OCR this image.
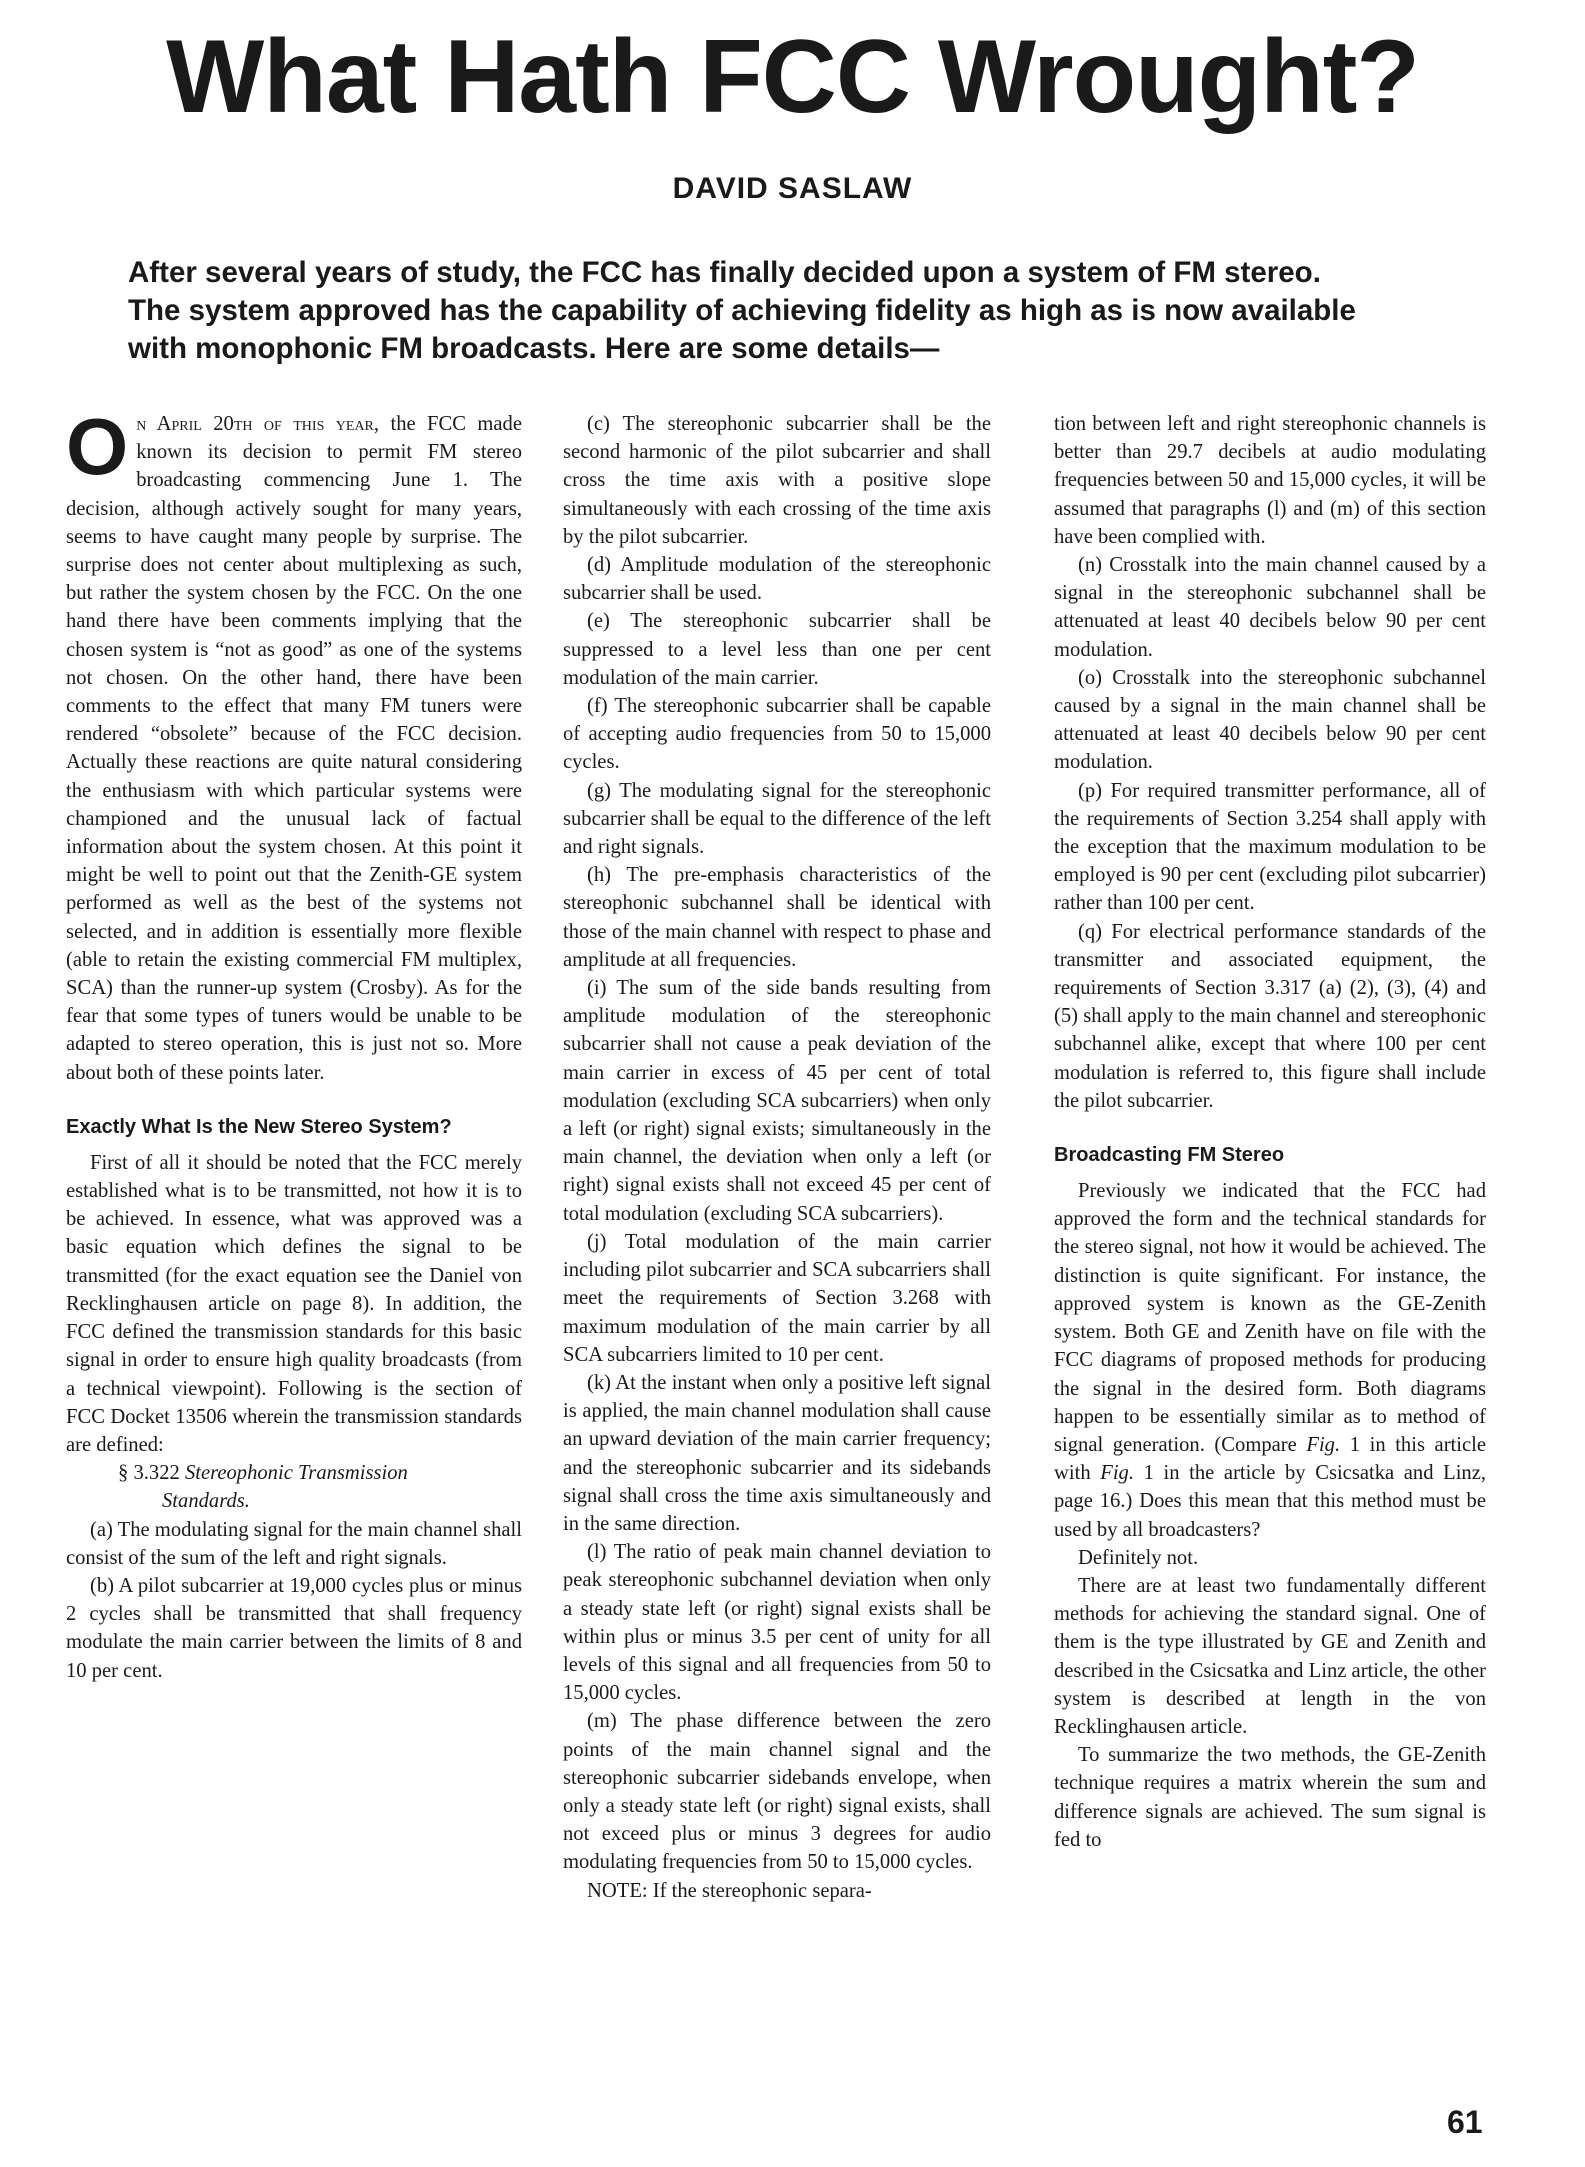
What Hath FCC Wrought?
DAVID SASLAW

After several years of study, the FCC has finally decided upon a system of FM stereo. The system approved has the capability of achieving fidelity as high as is now available with monophonic FM broadcasts. Here are some details—

On April 20th of this year, the FCC made known its decision to permit FM stereo broadcasting commencing June 1. The decision, although actively sought for many years, seems to have caught many people by surprise. The surprise does not center about multiplexing as such, but rather the system chosen by the FCC. On the one hand there have been comments implying that the chosen system is “not as good” as one of the systems not chosen. On the other hand, there have been comments to the effect that many FM tuners were rendered “obsolete” because of the FCC decision. Actually these reactions are quite natural considering the enthusiasm with which particular systems were championed and the unusual lack of factual information about the system chosen. At this point it might be well to point out that the Zenith-GE system performed as well as the best of the systems not selected, and in addition is essentially more flexible (able to retain the existing commercial FM multiplex, SCA) than the runner-up system (Crosby). As for the fear that some types of tuners would be unable to be adapted to stereo operation, this is just not so. More about both of these points later.

Exactly What Is the New Stereo System?

First of all it should be noted that the FCC merely established what is to be transmitted, not how it is to be achieved. In essence, what was approved was a basic equation which defines the signal to be transmitted (for the exact equation see the Daniel von Recklinghausen article on page 8). In addition, the FCC defined the transmission standards for this basic signal in order to ensure high quality broadcasts (from a technical viewpoint). Following is the section of FCC Docket 13506 wherein the transmission standards are defined:

§ 3.322 Stereophonic Transmission
Standards.

(a) The modulating signal for the main channel shall consist of the sum of the left and right signals.

(b) A pilot subcarrier at 19,000 cycles plus or minus 2 cycles shall be transmitted that shall frequency modulate the main carrier between the limits of 8 and 10 per cent.

(c) The stereophonic subcarrier shall be the second harmonic of the pilot subcarrier and shall cross the time axis with a positive slope simultaneously with each crossing of the time axis by the pilot subcarrier.

(d) Amplitude modulation of the stereophonic subcarrier shall be used.

(e) The stereophonic subcarrier shall be suppressed to a level less than one per cent modulation of the main carrier.

(f) The stereophonic subcarrier shall be capable of accepting audio frequencies from 50 to 15,000 cycles.

(g) The modulating signal for the stereophonic subcarrier shall be equal to the difference of the left and right signals.

(h) The pre-emphasis characteristics of the stereophonic subchannel shall be identical with those of the main channel with respect to phase and amplitude at all frequencies.

(i) The sum of the side bands resulting from amplitude modulation of the stereophonic subcarrier shall not cause a peak deviation of the main carrier in excess of 45 per cent of total modulation (excluding SCA subcarriers) when only a left (or right) signal exists; simultaneously in the main channel, the deviation when only a left (or right) signal exists shall not exceed 45 per cent of total modulation (excluding SCA subcarriers).

(j) Total modulation of the main carrier including pilot subcarrier and SCA subcarriers shall meet the requirements of Section 3.268 with maximum modulation of the main carrier by all SCA subcarriers limited to 10 per cent.

(k) At the instant when only a positive left signal is applied, the main channel modulation shall cause an upward deviation of the main carrier frequency; and the stereophonic subcarrier and its sidebands signal shall cross the time axis simultaneously and in the same direction.

(l) The ratio of peak main channel deviation to peak stereophonic subchannel deviation when only a steady state left (or right) signal exists shall be within plus or minus 3.5 per cent of unity for all levels of this signal and all frequencies from 50 to 15,000 cycles.

(m) The phase difference between the zero points of the main channel signal and the stereophonic subcarrier sidebands envelope, when only a steady state left (or right) signal exists, shall not exceed plus or minus 3 degrees for audio modulating frequencies from 50 to 15,000 cycles.

NOTE: If the stereophonic separa-

tion between left and right stereophonic channels is better than 29.7 decibels at audio modulating frequencies between 50 and 15,000 cycles, it will be assumed that paragraphs (l) and (m) of this section have been complied with.

(n) Crosstalk into the main channel caused by a signal in the stereophonic subchannel shall be attenuated at least 40 decibels below 90 per cent modulation.

(o) Crosstalk into the stereophonic subchannel caused by a signal in the main channel shall be attenuated at least 40 decibels below 90 per cent modulation.

(p) For required transmitter performance, all of the requirements of Section 3.254 shall apply with the exception that the maximum modulation to be employed is 90 per cent (excluding pilot subcarrier) rather than 100 per cent.

(q) For electrical performance standards of the transmitter and associated equipment, the requirements of Section 3.317 (a) (2), (3), (4) and (5) shall apply to the main channel and stereophonic subchannel alike, except that where 100 per cent modulation is referred to, this figure shall include the pilot subcarrier.

Broadcasting FM Stereo

Previously we indicated that the FCC had approved the form and the technical standards for the stereo signal, not how it would be achieved. The distinction is quite significant. For instance, the approved system is known as the GE-Zenith system. Both GE and Zenith have on file with the FCC diagrams of proposed methods for producing the signal in the desired form. Both diagrams happen to be essentially similar as to method of signal generation. (Compare Fig. 1 in this article with Fig. 1 in the article by Csicsatka and Linz, page 16.) Does this mean that this method must be used by all broadcasters?

Definitely not.

There are at least two fundamentally different methods for achieving the standard signal. One of them is the type illustrated by GE and Zenith and described in the Csicsatka and Linz article, the other system is described at length in the von Recklinghausen article.

To summarize the two methods, the GE-Zenith technique requires a matrix wherein the sum and difference signals are achieved. The sum signal is fed to

61
